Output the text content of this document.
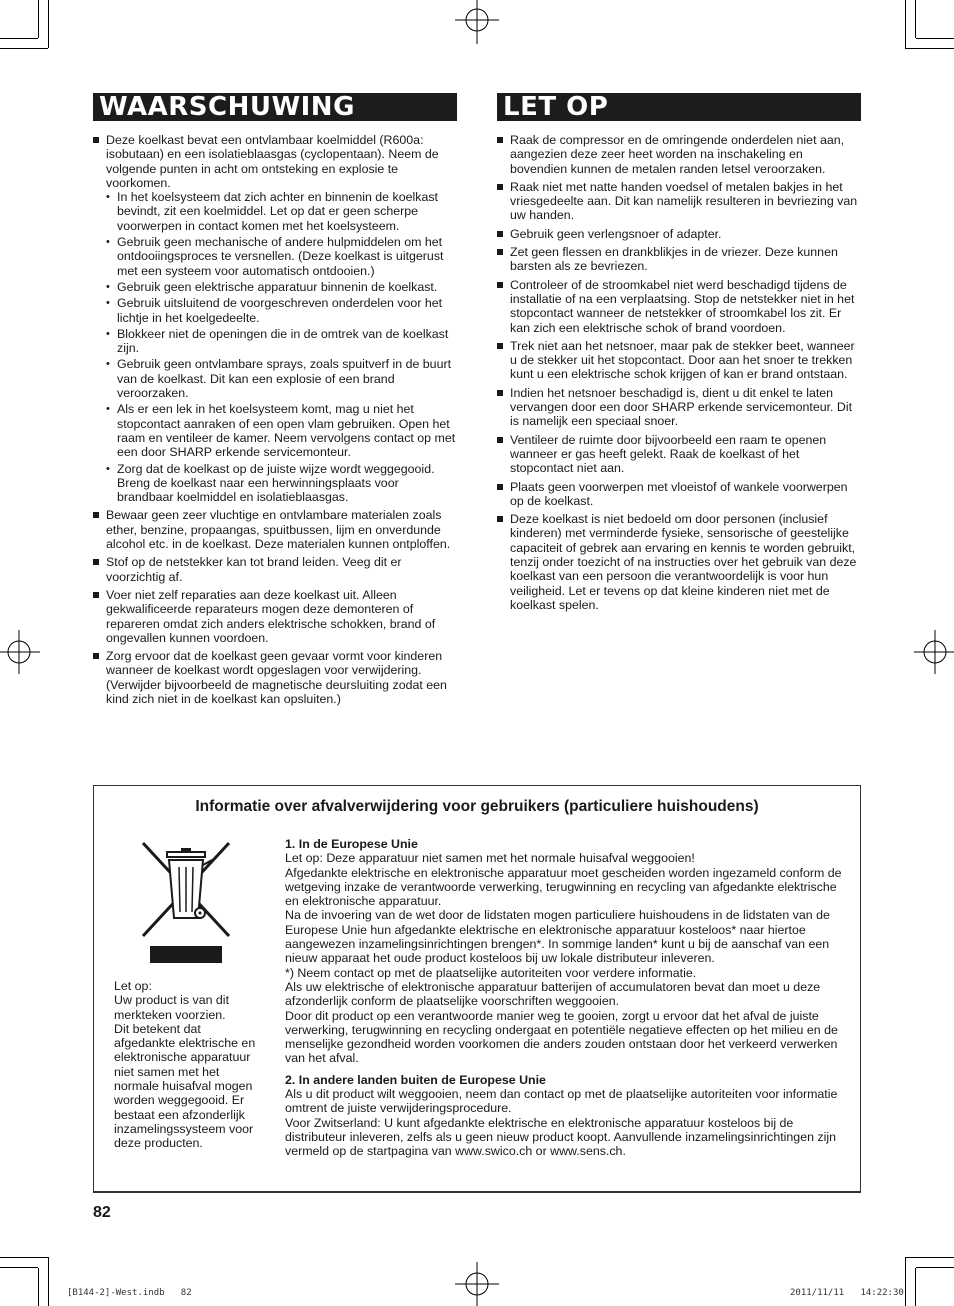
WAARSCHUWING
Deze koelkast bevat een ontvlambaar koelmiddel (R600a: isobutaan) en een isolatieblaasgas (cyclopentaan). Neem de volgende punten in acht om ontsteking en explosie te voorkomen.
• In het koelsysteem dat zich achter en binnenin de koelkast bevindt, zit een koelmiddel. Let op dat er geen scherpe voorwerpen in contact komen met het koelsysteem.
• Gebruik geen mechanische of andere hulpmiddelen om het ontdooiingsproces te versnellen. (Deze koelkast is uitgerust met een systeem voor automatisch ontdooien.)
• Gebruik geen elektrische apparatuur binnenin de koelkast.
• Gebruik uitsluitend de voorgeschreven onderdelen voor het lichtje in het koelgedeelte.
• Blokkeer niet de openingen die in de omtrek van de koelkast zijn.
• Gebruik geen ontvlambare sprays, zoals spuitverf in de buurt van de koelkast. Dit kan een explosie of een brand veroorzaken.
• Als er een lek in het koelsysteem komt, mag u niet het stopcontact aanraken of een open vlam gebruiken. Open het raam en ventileer de kamer. Neem vervolgens contact op met een door SHARP erkende servicemonteur.
• Zorg dat de koelkast op de juiste wijze wordt weggegooid. Breng de koelkast naar een herwinningsplaats voor brandbaar koelmiddel en isolatieblaasgas.
Bewaar geen zeer vluchtige en ontvlambare materialen zoals ether, benzine, propaangas, spuitbussen, lijm en onverdunde alcohol etc. in de koelkast. Deze materialen kunnen ontploffen.
Stof op de netstekker kan tot brand leiden. Veeg dit er voorzichtig af.
Voer niet zelf reparaties aan deze koelkast uit. Alleen gekwalificeerde reparateurs mogen deze demonteren of repareren omdat zich anders elektrische schokken, brand of ongevallen kunnen voordoen.
Zorg ervoor dat de koelkast geen gevaar vormt voor kinderen wanneer de koelkast wordt opgeslagen voor verwijdering. (Verwijder bijvoorbeeld de magnetische deursluiting zodat een kind zich niet in de koelkast kan opsluiten.)
LET OP
Raak de compressor en de omringende onderdelen niet aan, aangezien deze zeer heet worden na inschakeling en bovendien kunnen de metalen randen letsel veroorzaken.
Raak niet met natte handen voedsel of metalen bakjes in het vriesgedeelte aan. Dit kan namelijk resulteren in bevriezing van uw handen.
Gebruik geen verlengsnoer of adapter.
Zet geen flessen en drankblikjes in de vriezer. Deze kunnen barsten als ze bevriezen.
Controleer of de stroomkabel niet werd beschadigd tijdens de installatie of na een verplaatsing. Stop de netstekker niet in het stopcontact wanneer de netstekker of stroomkabel los zit. Er kan zich een elektrische schok of brand voordoen.
Trek niet aan het netsnoer, maar pak de stekker beet, wanneer u de stekker uit het stopcontact. Door aan het snoer te trekken kunt u een elektrische schok krijgen of kan er brand ontstaan.
Indien het netsnoer beschadigd is, dient u dit enkel te laten vervangen door een door SHARP erkende servicemonteur. Dit is namelijk een speciaal snoer.
Ventileer de ruimte door bijvoorbeeld een raam te openen wanneer er gas heeft gelekt. Raak de koelkast of het stopcontact niet aan.
Plaats geen voorwerpen met vloeistof of wankele voorwerpen op de koelkast.
Deze koelkast is niet bedoeld om door personen (inclusief kinderen) met verminderde fysieke, sensorische of geestelijke capaciteit of gebrek aan ervaring en kennis te worden gebruikt, tenzij onder toezicht of na instructies over het gebruik van deze koelkast van een persoon die verantwoordelijk is voor hun veiligheid. Let er tevens op dat kleine kinderen niet met de koelkast spelen.
Informatie over afvalverwijdering voor gebruikers (particuliere huishoudens)
Let op:
Uw product is van dit merkteken voorzien.
Dit betekent dat afgedankte elektrische en elektronische apparatuur niet samen met het normale huisafval mogen worden weggegooid. Er bestaat een afzonderlijk inzamelingssysteem voor deze producten.

1. In de Europese Unie

Let op: Deze apparatuur niet samen met het normale huisafval weggooien!

Afgedankte elektrische en elektronische apparatuur moet gescheiden worden ingezameld conform de wetgeving inzake de verantwoorde verwerking, terugwinning en recycling van afgedankte elektrische en elektronische apparatuur.

Na de invoering van de wet door de lidstaten mogen particuliere huishoudens in de lidstaten van de Europese Unie hun afgedankte elektrische en elektronische apparatuur kosteloos* naar hiertoe aangewezen inzamelingsinrichtingen brengen*. In sommige landen* kunt u bij de aanschaf van een nieuw apparaat het oude product kosteloos bij uw lokale distributeur inleveren.

*) Neem contact op met de plaatselijke autoriteiten voor verdere informatie.

Als uw elektrische of elektronische apparatuur batterijen of accumulatoren bevat dan moet u deze afzonderlijk conform de plaatselijke voorschriften weggooien.

Door dit product op een verantwoorde manier weg te gooien, zorgt u ervoor dat het afval de juiste verwerking, terugwinning en recycling ondergaat en potentiële negatieve effecten op het milieu en de menselijke gezondheid worden voorkomen die anders zouden ontstaan door het verkeerd verwerken van het afval.

2. In andere landen buiten de Europese Unie

Als u dit product wilt weggooien, neem dan contact op met de plaatselijke autoriteiten voor informatie omtrent de juiste verwijderingsprocedure.

Voor Zwitserland: U kunt afgedankte elektrische en elektronische apparatuur kosteloos bij de distributeur inleveren, zelfs als u geen nieuw product koopt. Aanvullende inzamelingsinrichtingen zijn vermeld op de startpagina van www.swico.ch or www.sens.ch.

82
[B144-2]-West.indb   82	2011/11/11   14:22:30
